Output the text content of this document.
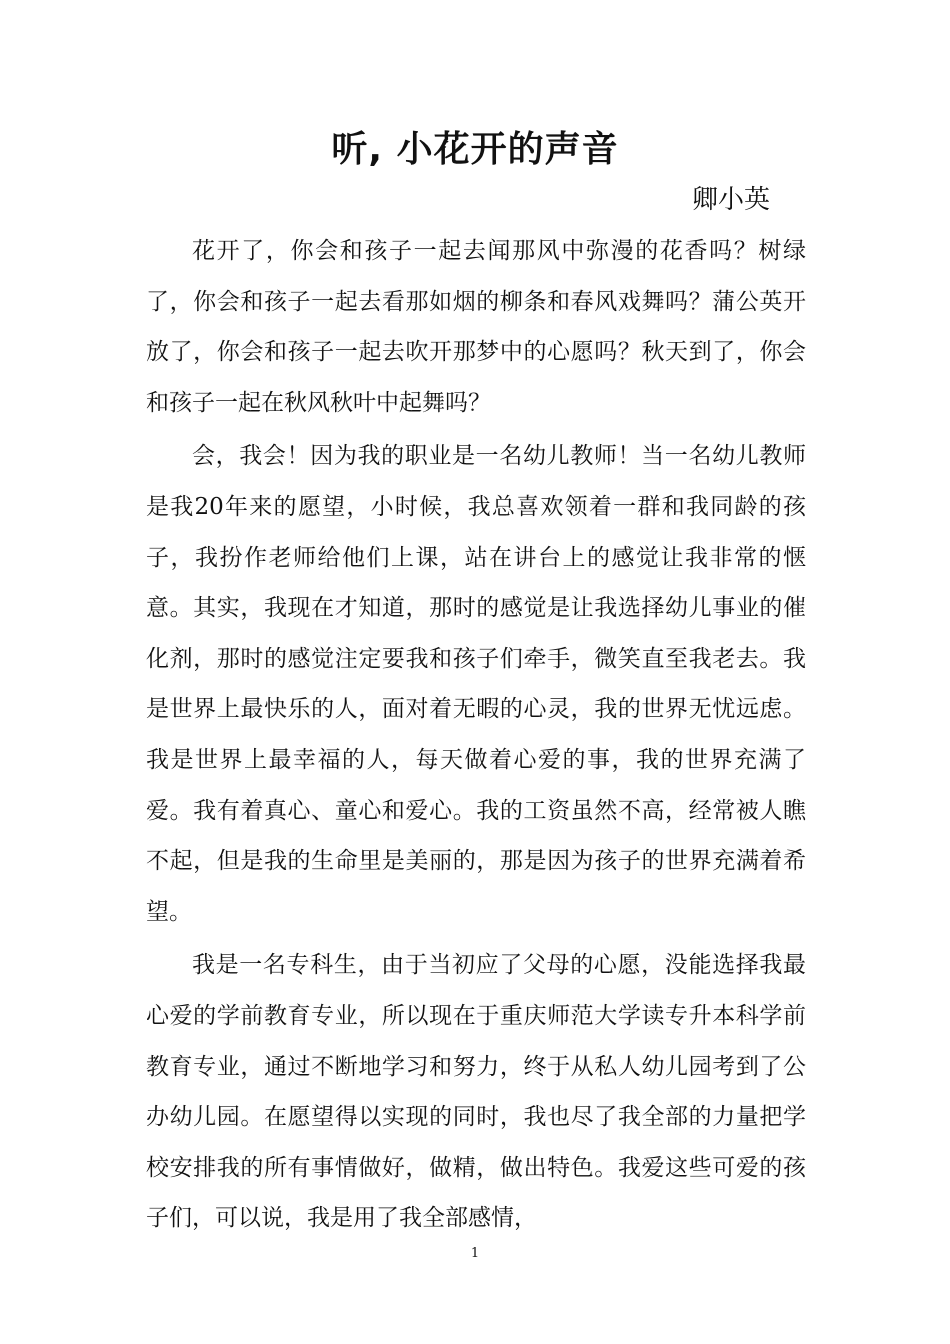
听, 小花开的声音

卿小英

花开了，你会和孩子一起去闻那风中弥漫的花香吗？树绿了，你会和孩子一起去看那如烟的柳条和春风戏舞吗？蒲公英开放了，你会和孩子一起去吹开那梦中的心愿吗？秋天到了，你会和孩子一起在秋风秋叶中起舞吗？

会，我会！因为我的职业是一名幼儿教师！当一名幼儿教师是我20年来的愿望，小时候，我总喜欢领着一群和我同龄的孩子，我扮作老师给他们上课，站在讲台上的感觉让我非常的惬意。其实，我现在才知道，那时的感觉是让我选择幼儿事业的催化剂，那时的感觉注定要我和孩子们牵手，微笑直至我老去。我是世界上最快乐的人，面对着无暇的心灵，我的世界无忧远虑。我是世界上最幸福的人，每天做着心爱的事，我的世界充满了爱。我有着真心、童心和爱心。我的工资虽然不高，经常被人瞧不起，但是我的生命里是美丽的，那是因为孩子的世界充满着希望。

我是一名专科生，由于当初应了父母的心愿，没能选择我最心爱的学前教育专业，所以现在于重庆师范大学读专升本科学前教育专业，通过不断地学习和努力，终于从私人幼儿园考到了公办幼儿园。在愿望得以实现的同时，我也尽了我全部的力量把学校安排我的所有事情做好，做精，做出特色。我爱这些可爱的孩子们，可以说，我是用了我全部感情，

1
